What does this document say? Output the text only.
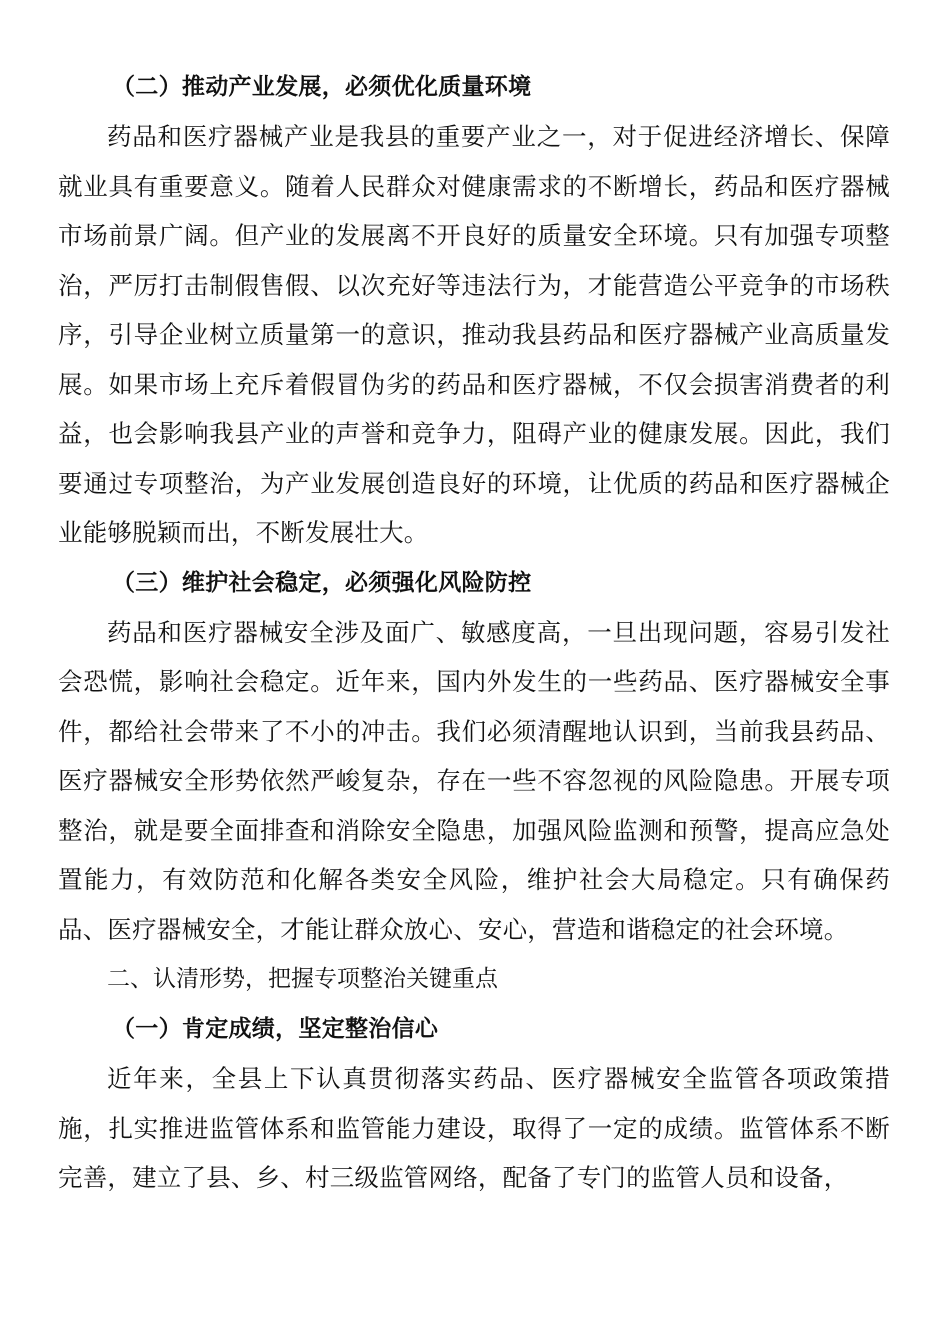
（二）推动产业发展，必须优化质量环境

药品和医疗器械产业是我县的重要产业之一，对于促进经济增长、保障就业具有重要意义。随着人民群众对健康需求的不断增长，药品和医疗器械市场前景广阔。但产业的发展离不开良好的质量安全环境。只有加强专项整治，严厉打击制假售假、以次充好等违法行为，才能营造公平竞争的市场秩序，引导企业树立质量第一的意识，推动我县药品和医疗器械产业高质量发展。如果市场上充斥着假冒伪劣的药品和医疗器械，不仅会损害消费者的利益，也会影响我县产业的声誉和竞争力，阻碍产业的健康发展。因此，我们要通过专项整治，为产业发展创造良好的环境，让优质的药品和医疗器械企业能够脱颖而出，不断发展壮大。

（三）维护社会稳定，必须强化风险防控

药品和医疗器械安全涉及面广、敏感度高，一旦出现问题，容易引发社会恐慌，影响社会稳定。近年来，国内外发生的一些药品、医疗器械安全事件，都给社会带来了不小的冲击。我们必须清醒地认识到，当前我县药品、医疗器械安全形势依然严峻复杂，存在一些不容忽视的风险隐患。开展专项整治，就是要全面排查和消除安全隐患，加强风险监测和预警，提高应急处置能力，有效防范和化解各类安全风险，维护社会大局稳定。只有确保药品、医疗器械安全，才能让群众放心、安心，营造和谐稳定的社会环境。

二、认清形势，把握专项整治关键重点
（一）肯定成绩，坚定整治信心

近年来，全县上下认真贯彻落实药品、医疗器械安全监管各项政策措施，扎实推进监管体系和监管能力建设，取得了一定的成绩。监管体系不断完善，建立了县、乡、村三级监管网络，配备了专门的监管人员和设备，
